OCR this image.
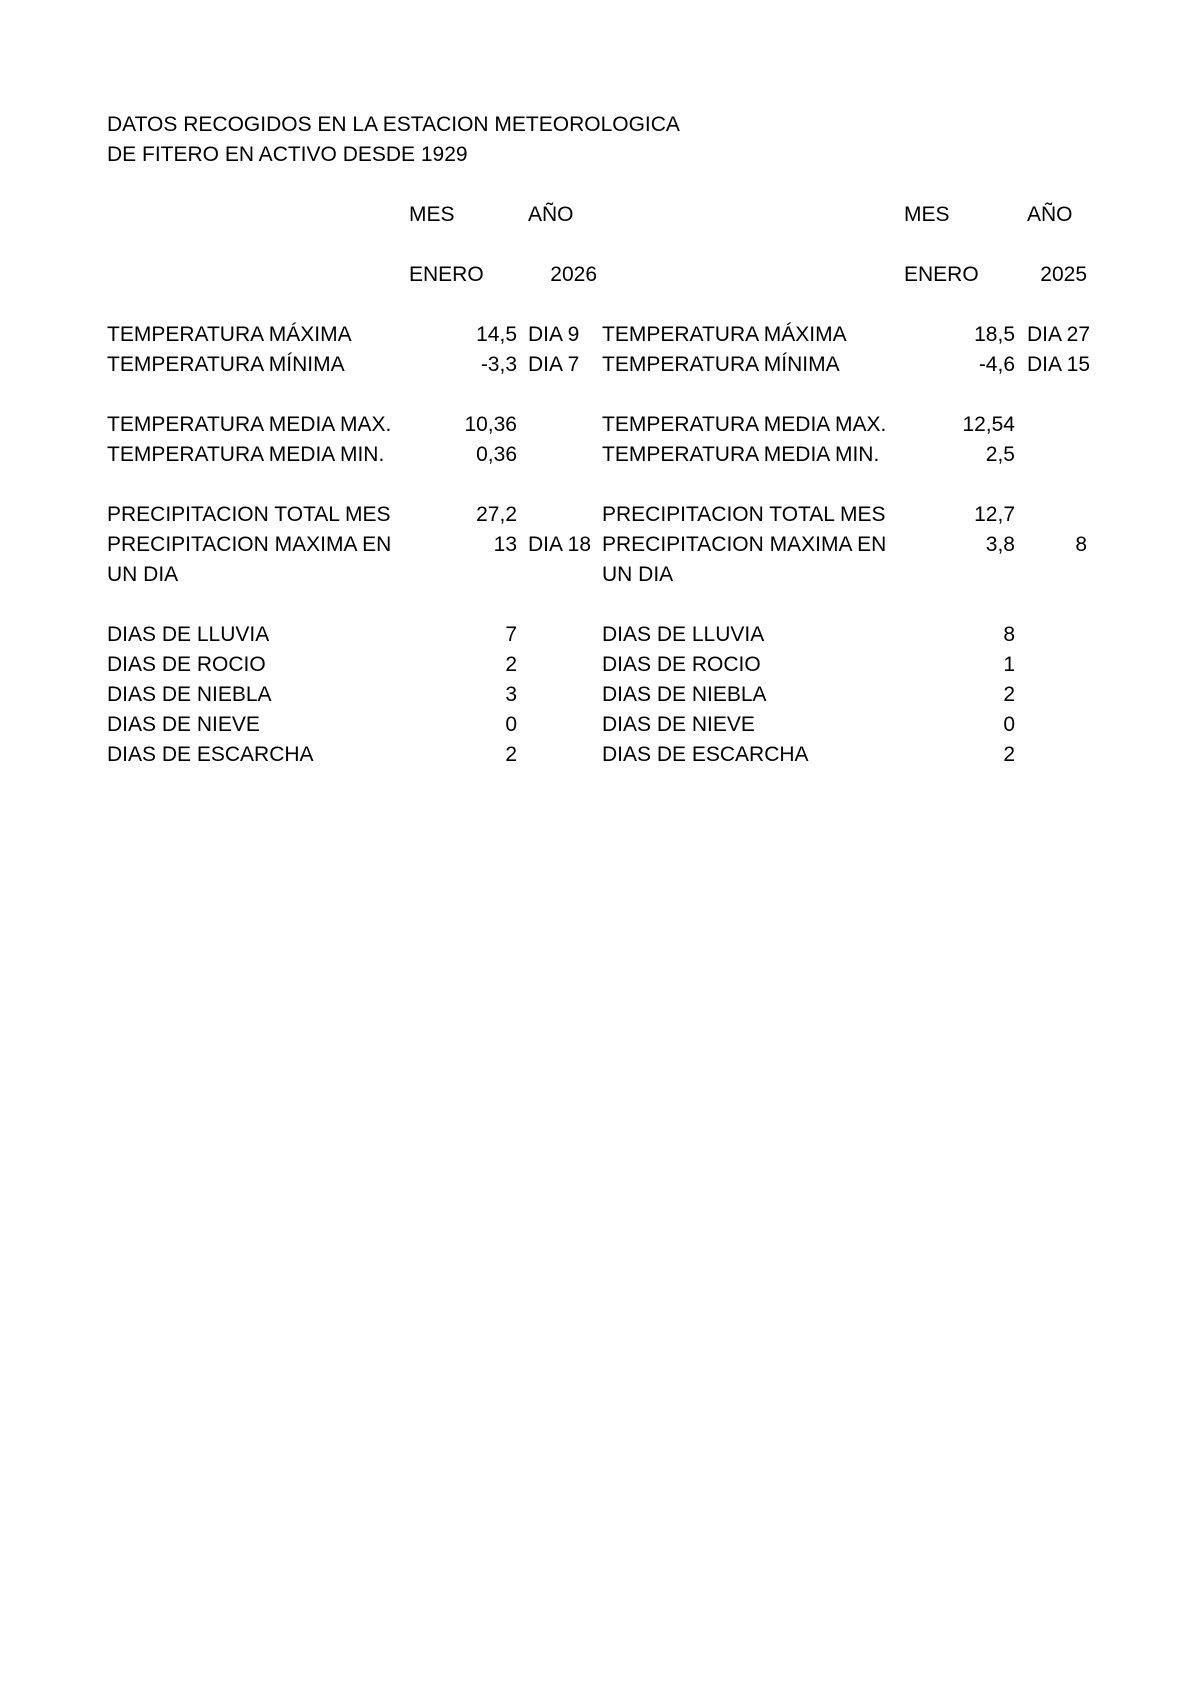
DATOS RECOGIDOS EN LA ESTACION METEOROLOGICA
DE FITERO EN ACTIVO DESDE 1929
MES	AÑO
ENERO	2026
TEMPERATURA MÁXIMA	14,5 DIA 9
TEMPERATURA MÍNIMA	-3,3 DIA 7
TEMPERATURA MEDIA MAX.	10,36
TEMPERATURA MEDIA MIN.	0,36
PRECIPITACION TOTAL MES	27,2
PRECIPITACION MAXIMA EN	13 DIA 18
UN DIA
DIAS DE LLUVIA	7
DIAS DE ROCIO	2
DIAS DE NIEBLA	3
DIAS DE NIEVE	0
DIAS DE ESCARCHA	2
MES	AÑO
ENERO	2025
TEMPERATURA MÁXIMA	18,5 DIA 27
TEMPERATURA MÍNIMA	-4,6 DIA 15
TEMPERATURA MEDIA MAX.	12,54
TEMPERATURA MEDIA MIN.	2,5
PRECIPITACION TOTAL MES	12,7
PRECIPITACION MAXIMA EN	3,8	8
UN DIA
DIAS DE LLUVIA	8
DIAS DE ROCIO	1
DIAS DE NIEBLA	2
DIAS DE NIEVE	0
DIAS DE ESCARCHA	2
